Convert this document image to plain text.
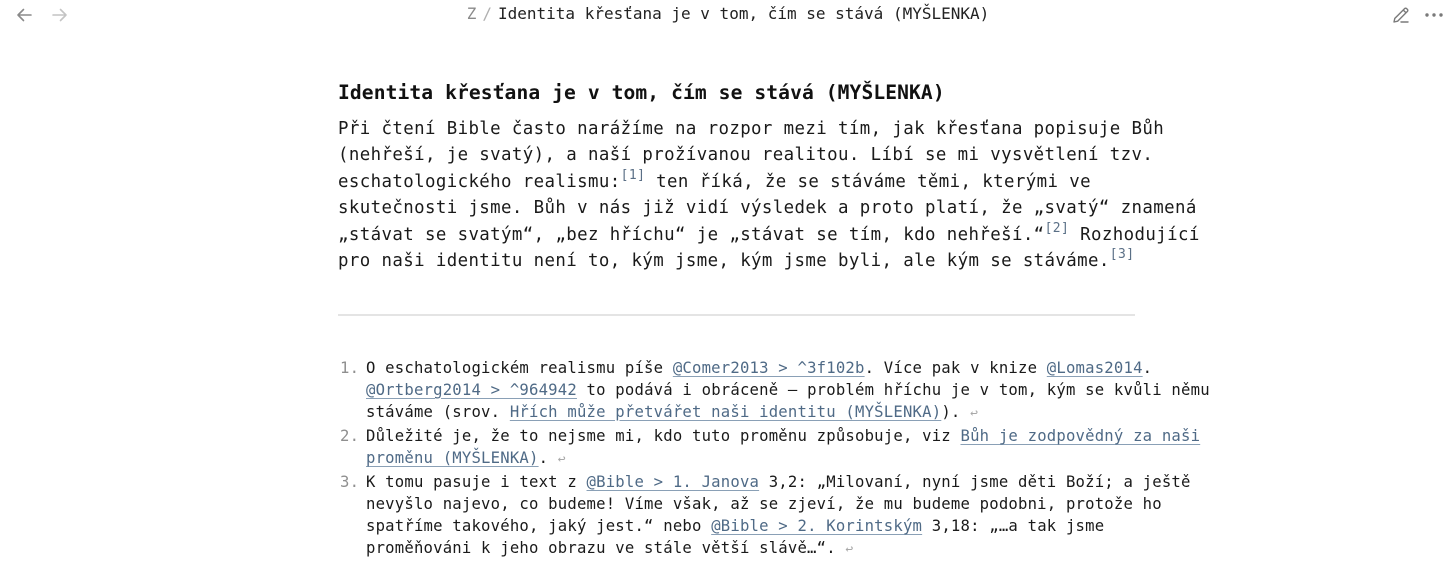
Z / Identita křesťana je v tom, čím se stává (MYŠLENKA)
Identita křesťana je v tom, čím se stává (MYŠLENKA)
Při čtení Bible často narážíme na rozpor mezi tím, jak křesťana popisuje Bůh
(nehřeší, je svatý), a naší prožívanou realitou. Líbí se mi vysvětlení tzv.
eschatologického realismu:[1] ten říká, že se stáváme těmi, kterými ve
skutečnosti jsme. Bůh v nás již vidí výsledek a proto platí, že „svatý“ znamená
„stávat se svatým“, „bez hříchu“ je „stávat se tím, kdo nehřeší.“[2] Rozhodující
pro naši identitu není to, kým jsme, kým jsme byli, ale kým se stáváme.[3]
1. O eschatologickém realismu píše @Comer2013 > ^3f102b. Více pak v knize @Lomas2014.
@Ortberg2014 > ^964942 to podává i obráceně – problém hříchu je v tom, kým se kvůli němu
stáváme (srov. Hřích může přetvářet naši identitu (MYŠLENKA)). ↩
2. Důležité je, že to nejsme mi, kdo tuto proměnu způsobuje, viz Bůh je zodpovědný za naši
proměnu (MYŠLENKA). ↩
3. K tomu pasuje i text z @Bible > 1. Janova 3,2: „Milovaní, nyní jsme děti Boží; a ještě
nevyšlo najevo, co budeme! Víme však, až se zjeví, že mu budeme podobni, protože ho
spatříme takového, jaký jest.“ nebo @Bible > 2. Korintským 3,18: „…a tak jsme
proměňováni k jeho obrazu ve stále větší slávě…“. ↩
